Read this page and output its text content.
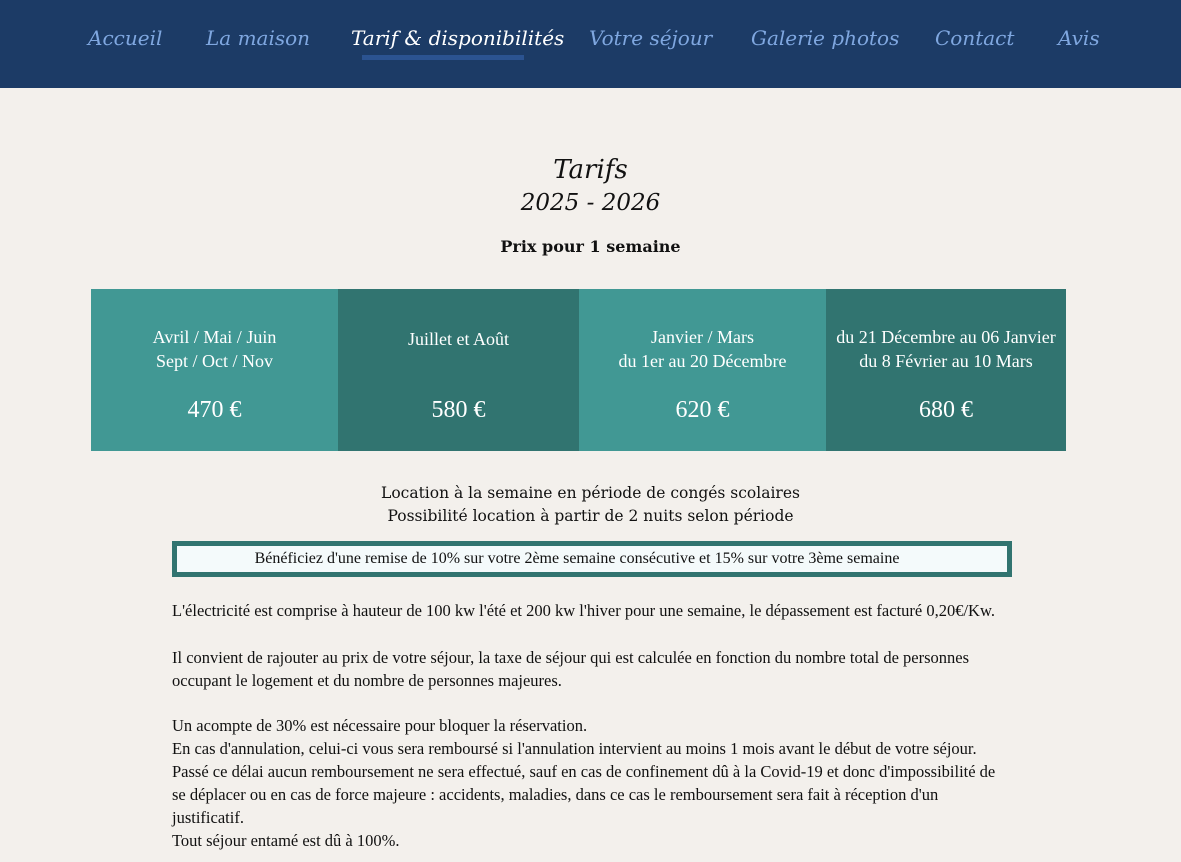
Accueil La maison Tarif & disponibilités Votre séjour Galerie photos Contact Avis
Tarifs
2025 - 2026
Prix pour 1 semaine
Avril / Mai / Juin
Sept / Oct / Nov
470 €
Juillet et Août
580 €
Janvier / Mars
du 1er au 20 Décembre
620 €
du 21 Décembre au 06 Janvier
du 8 Février au 10 Mars
680 €
Location à la semaine en période de congés scolaires
Possibilité location à partir de 2 nuits selon période
Bénéficiez d'une remise de 10% sur votre 2ème semaine consécutive et 15% sur votre 3ème semaine
L'électricité est comprise à hauteur de 100 kw l'été et 200 kw l'hiver pour une semaine, le dépassement est facturé 0,20€/Kw.
Il convient de rajouter au prix de votre séjour, la taxe de séjour qui est calculée en fonction du nombre total de personnes
occupant le logement et du nombre de personnes majeures.
Un acompte de 30% est nécessaire pour bloquer la réservation.
En cas d'annulation, celui-ci vous sera remboursé si l'annulation intervient au moins 1 mois avant le début de votre séjour.
Passé ce délai aucun remboursement ne sera effectué, sauf en cas de confinement dû à la Covid-19 et donc d'impossibilité de
se déplacer ou en cas de force majeure : accidents, maladies, dans ce cas le remboursement sera fait à réception d'un
justificatif.
Tout séjour entamé est dû à 100%.
